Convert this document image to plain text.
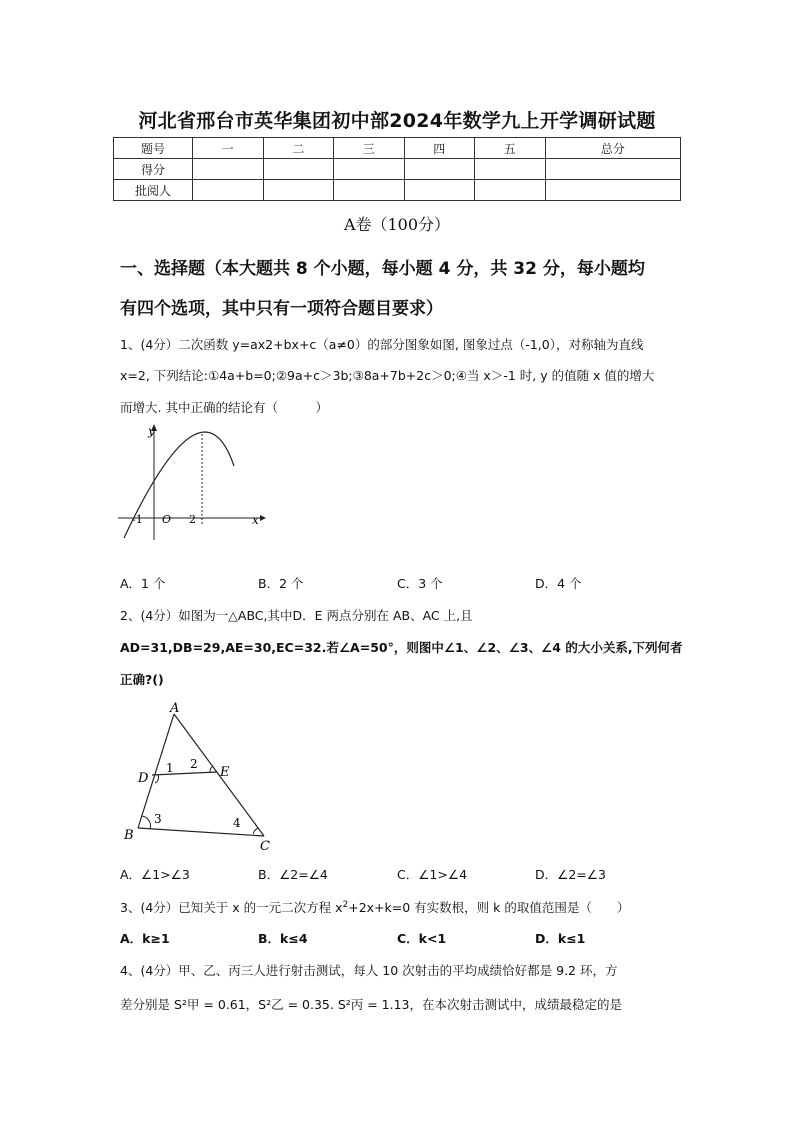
河北省邢台市英华集团初中部2024年数学九上开学调研试题
题号	一	二	三	四	五	总分
得分						
批阅人						
A卷（100分）
一、选择题（本大题共 8 个小题，每小题 4 分，共 32 分，每小题均
有四个选项，其中只有一项符合题目要求）
1、(4分）二次函数 y=ax2+bx+c（a≠0）的部分图象如图, 图象过点（-1,0），对称轴为直线
x=2, 下列结论:①4a+b=0;②9a+c＞3b;③8a+7b+2c＞0;④当 x＞-1 时, y 的值随 x 值的增大
而增大. 其中正确的结论有（　　　）
y
x
O
-1	2
A．1 个	B．2 个	C．3 个	D．4 个
2、(4分）如图为一△ABC,其中D．E 两点分别在 AB、AC 上,且
AD=31,DB=29,AE=30,EC=32.若∠A=50°，则图中∠1、∠2、∠3、∠4 的大小关系,下列何者
正确?()
A
B
C
D	E
1 2
3	4
A．∠1>∠3	B．∠2=∠4	C．∠1>∠4	D．∠2=∠3
3、(4分）已知关于 x 的一元二次方程 $x^2+2x+k=0$ 有实数根，则 k 的取值范围是（　　）
A．k≥1	B．k≤4	C．k<1	D．k≤1
4、(4分）甲、乙、丙三人进行射击测试，每人 10 次射击的平均成绩恰好都是 9.2 环，方
差分别是 S²甲 = 0.61，S²乙 = 0.35. S²丙 = 1.13，在本次射击测试中，成绩最稳定的是
